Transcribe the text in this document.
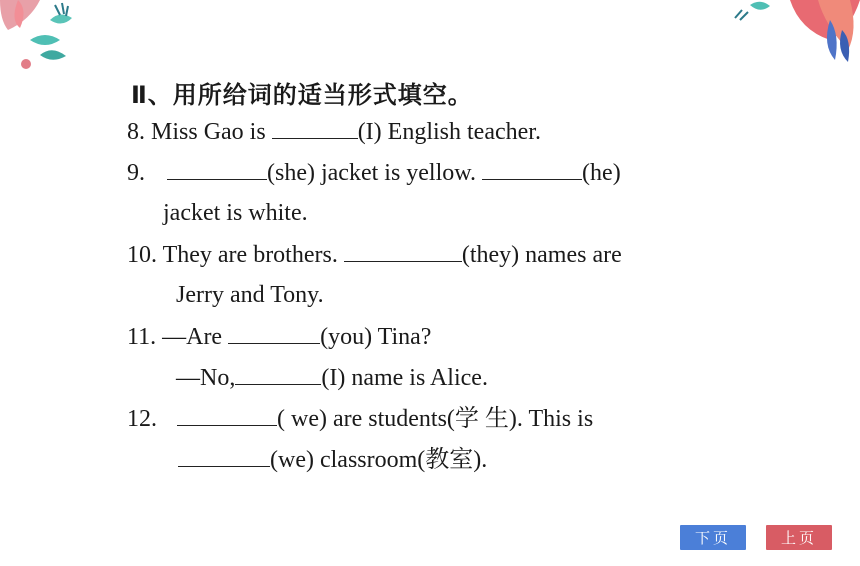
Ⅱ、用所给词的适当形式填空。
8. Miss Gao is	(I) English teacher.
9.	(she) jacket is yellow.	(he)
jacket is white.
10. They are brothers.	(they) names are
Jerry and Tony.
11. —Are	(you) Tina?
—No,	(I) name is Alice.
12.	( we) are students(学 生). This is
(we) classroom(教室).
下页	上页
